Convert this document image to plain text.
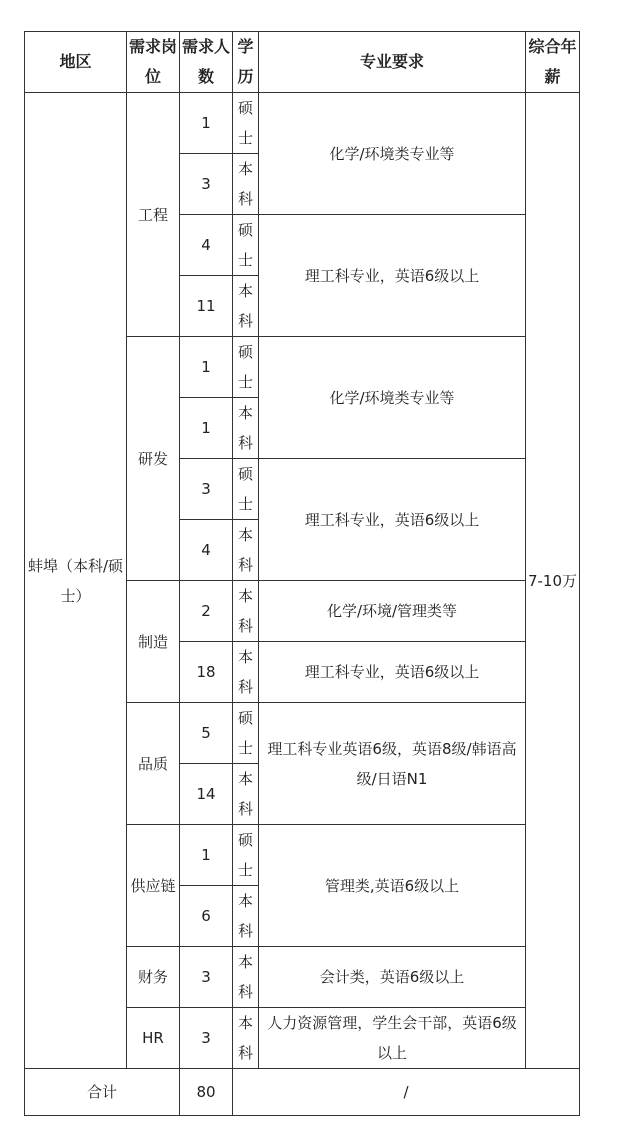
地区	需求岗位	需求人数	学历	专业要求	综合年薪
蚌埠（本科/硕士）	工程	1	硕士	化学/环境类专业等	7-10万
		3	本科		
		4	硕士	理工科专业，英语6级以上	
		11	本科		
	研发	1	硕士	化学/环境类专业等	
		1	本科		
		3	硕士	理工科专业，英语6级以上	
		4	本科		
	制造	2	本科	化学/环境/管理类等	
		18	本科	理工科专业，英语6级以上	
	品质	5	硕士	理工科专业英语6级，英语8级/韩语高级/日语N1	
		14	本科		
	供应链	1	硕士	管理类,英语6级以上	
		6	本科		
	财务	3	本科	会计类，英语6级以上	
	HR	3	本科	人力资源管理，学生会干部，英语6级以上	
合计		80	/		
